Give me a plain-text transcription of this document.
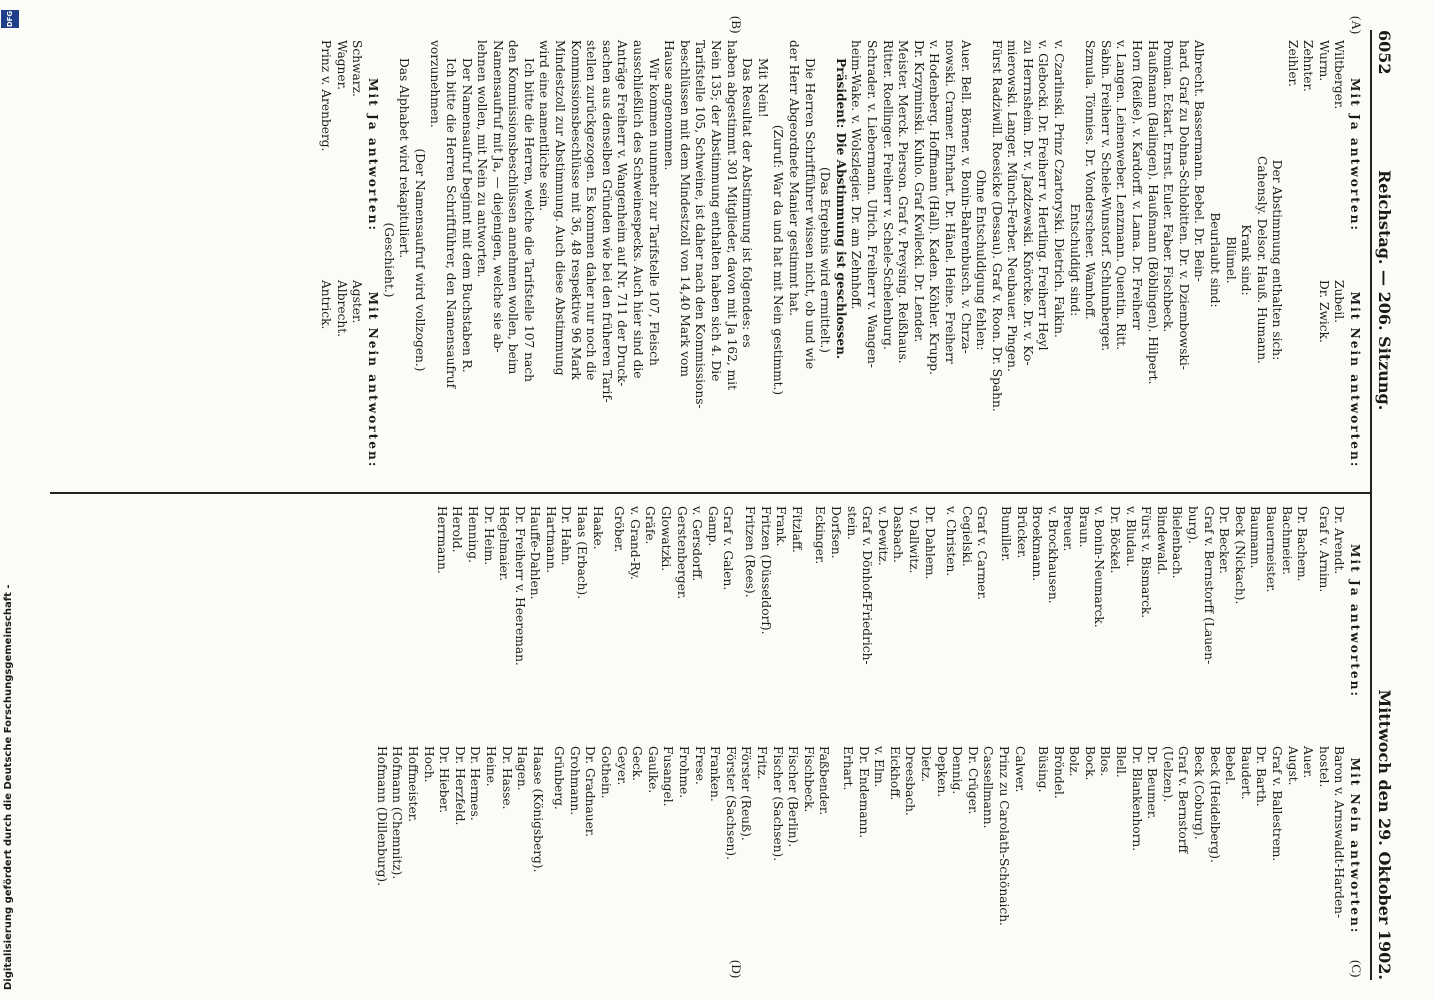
6052
Reichstag. — 206. Sitzung.
Mittwoch den 29. Oktober 1902.
(A)
(B)
(C)
(D)
Mit Ja antworten:
Wiltberger.
Wurm.
Zehnter.
Mit Nein antworten:
Zubeil.
Dr. Zwick.
Zeihler.
Der Abstimmung enthalten sich:
Cahensly. Delsor. Hauß. Humann.
Krank sind:
Blümel.
Beurlaubt sind:
Albrecht. Bassermann. Bebel. Dr. Bein-
hard. Graf zu Dohna-Schlobitten. Dr. v. Dziembowski-
Pomian. Eckart. Ernst. Euler. Faber. Fischbeck.
Haußmann (Balingen). Haußmann (Böblingen). Hilpert.
Horn (Reiße). v. Kardorff. v. Lama. Dr. Freiherr
v. Langen. Leinenweber. Lenzmann. Quentin. Ritt.
Sabin. Freiherr v. Schele-Wunstorf. Schlumberger.
Szmula. Tönnies. Dr. Vonderscheer. Wamhoff.
Entschuldigt sind:
v. Czarlinski. Prinz Czartoryski. Dietrich. Falkin.
v. Glebocki. Dr. Freiherr v. Hertling. Freiherr Heyl
zu Herrnsheim. Dr. v. Jazdzewski. Knörcke. Dr. v. Ko-
mierowski. Langer. Münch-Ferber. Neubauer. Pingen.
Fürst Radziwill. Roesicke (Dessau). Graf v. Roon. Dr. Spahn.
Ohne Entschuldigung fehlen:
Auer. Bell. Börner. v. Bonin-Bahrenbusch. v. Chrza-
nowski. Cramer. Ehrhart. Dr. Hänel. Heine. Freiherr
v. Hodenberg. Hoffmann (Hall). Kaden. Köhler. Krupp.
Dr. Krzyminski. Kuhlo. Graf Kwilecki. Dr. Lender.
Meister. Merck. Pierson. Graf v. Preysing. Reißhaus.
Ritter. Roellinger. Freiherr v. Schele-Schelenburg.
Schrader. v. Liebermann. Ulrich. Freiherr v. Wangen-
heim-Wake. v. Wolszlegier. Dr. am Zehnhoff.
Präsident: Die Abstimmung ist geschlossen.
(Das Ergebnis wird ermittelt.)
Die Herren Schriftführer wissen nicht, ob und wie
der Herr Abgeordnete Manier gestimmt hat.
(Zuruf: War da und hat mit Nein gestimmt.)
Mit Nein!
Das Resultat der Abstimmung ist folgendes: es
haben abgestimmt 301 Mitglieder, davon mit Ja 162, mit
Nein 135; der Abstimmung enthalten haben sich 4. Die
Tarifstelle 105, Schweine, ist daher nach den Kommissions-
beschlüssen mit dem Mindestzoll von 14,40 Mark vom
Hause angenommen.
Wir kommen nunmehr zur Tarifstelle 107, Fleisch
ausschließlich des Schweinespecks. Auch hier sind die
Anträge Freiherr v. Wangenheim auf Nr. 711 der Druck-
sachen aus denselben Gründen wie bei den früheren Tarif-
stellen zurückgezogen. Es kommen daher nur noch die
Kommissionsbeschlüsse mit 36, 48 respektive 96 Mark
Mindestzoll zur Abstimmung. Auch diese Abstimmung
wird eine namentliche sein.
Ich bitte die Herren, welche die Tarifstelle 107 nach
den Kommissionsbeschlüssen annehmen wollen, beim
Namensaufruf mit Ja, — diejenigen, welche sie ab-
lehnen wollen, mit Nein zu antworten.
Der Namensaufruf beginnt mit dem Buchstaben R.
Ich bitte die Herren Schriftführer, den Namensaufruf
vorzunehmen.
(Der Namensaufruf wird vollzogen.)
Das Alphabet wird rekapituliert.
(Geschieht.)
Mit Ja antworten:
Schwarz.
Wagner.
Prinz v. Arenberg.
Mit Nein antworten:
Agster.
Albrecht.
Antrick.
Mit Ja antworten:
Dr. Arendt.
Graf v. Arnim.
Dr. Bachem.
Bachmeier.
Bauermeister.
Baumann.
Beck (Nickach).
Dr. Becker.
Graf v. Bernstorff (Lauen-
burg).
Bielenbach.
Bindewald.
Fürst v. Bismarck.
v. Bludau.
Dr. Böckel.
v. Bonin-Neumarck.
Braun.
Breuer.
v. Brockhausen.
Broekmann.
Brücker.
Bumiller.
Graf v. Carmer.
Cegielski.
v. Christen.
Dr. Dahlem.
v. Dallwitz.
Dasbach.
v. Dewitz.
Graf v. Dönhoff-Friedrich-
stein.
Dorfsen.
Eckinger.
Fitzlaff.
Frank.
Fritzen (Düsseldorf).
Fritzen (Rees).
Graf v. Galen.
Gamp.
v. Gersdorff.
Gerstenberger.
Glowatzki.
Gräfe.
v. Grand-Ry.
Gröber.
Haake.
Haas (Erbach).
Dr. Hahn.
Hartmann.
Hauffe-Dahlen.
Dr. Freiherr v. Heereman.
Hegelmaier.
Dr. Heim.
Henning.
Herold.
Herrmann.
Mit Nein antworten:
Baron v. Arnswaldt-Harden-
hostel.
Auer.
Augst.
Graf v. Ballestrem.
Dr. Barth.
Baudert.
Bebel.
Beck (Heidelberg).
Beck (Coburg).
Graf v. Bernstorff
(Uelzen).
Dr. Beumer.
Dr. Blankenhorn.
Blell.
Blos.
Bock.
Bolz.
Bröndel.
Büsing.
Calwer.
Prinz zu Carolath-Schönaich.
Cassellmann.
Dr. Crüger.
Dennig.
Depken.
Dietz.
Dreesbach.
Eickhoff.
v. Elm.
Dr. Endemann.
Erhart.
Faßbender.
Fischbeck.
Fischer (Berlin).
Fischer (Sachsen).
Fritz.
Förster (Reuß).
Förster (Sachsen).
Franken.
Frese.
Frohme.
Fusangel.
Gaulke.
Geck.
Geyer.
Gothein.
Dr. Gradnauer.
Grohmann.
Grünberg.
Haase (Königsberg).
Hagen.
Dr. Hasse.
Heine.
Dr. Hermes.
Dr. Herzfeld.
Dr. Hieber.
Hoch.
Hoffmeister.
Hofmann (Chemnitz).
Hofmann (Dillenburg).
Digitalisierung gefördert durch die Deutsche Forschungsgemeinschaft -
DFG
